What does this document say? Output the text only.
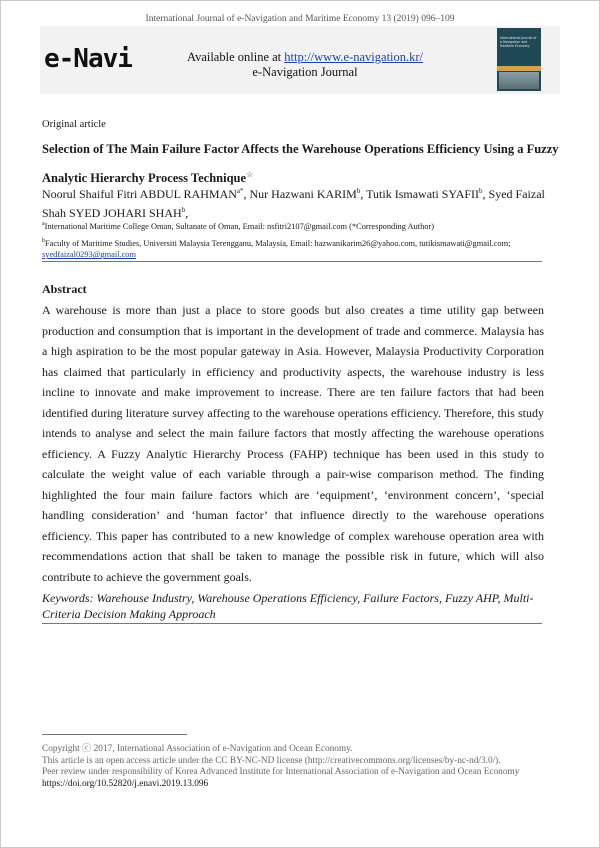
International Journal of e-Navigation and Maritime Economy 13 (2019) 096–109
e-Navi	Available online at http://www.e-navigation.kr/
e-Navigation Journal
International Journal of e-Navigation and Maritime Economy
Original article
Selection of The Main Failure Factor Affects the Warehouse Operations Efficiency Using a Fuzzy Analytic Hierarchy Process Technique☆
Noorul Shaiful Fitri ABDUL $RAHMAN^{a*}$, Nur Hazwani KARIM$^b$, Tutik Ismawati SYAFII$^b$, Syed Faizal Shah SYED JOHARI SHAH$^b$,
$^a$International Maritime College Oman, Sultanate of Oman, Email: nsfitri2107@gmail.com (*Corresponding Author)
$^b$Faculty of Maritime Studies, Universiti Malaysia Terengganu, Malaysia, Email: hazwanikarim26@yahoo.com, tutikismawati@gmail.com; syedfaizal0293@gmail.com
Abstract

A warehouse is more than just a place to store goods but also creates a time utility gap between production and consumption that is important in the development of trade and commerce. Malaysia has a high aspiration to be the most popular gateway in Asia. However, Malaysia Productivity Corporation has claimed that particularly in efficiency and productivity aspects, the warehouse industry is less incline to innovate and make improvement to increase. There are ten failure factors that had been identified during literature survey affecting to the warehouse operations efficiency. Therefore, this study intends to analyse and select the main failure factors that mostly affecting the warehouse operations efficiency. A Fuzzy Analytic Hierarchy Process (FAHP) technique has been used in this study to calculate the weight value of each variable through a pair-wise comparison method. The finding highlighted the four main failure factors which are ‘equipment’, ‘environment concern’, ‘special handling consideration’ and ‘human factor’ that influence directly to the warehouse operations efficiency. This paper has contributed to a new knowledge of complex warehouse operation area with recommendations action that shall be taken to manage the possible risk in future, which will also contribute to achieve the government goals.

Keywords: Warehouse Industry, Warehouse Operations Efficiency, Failure Factors, Fuzzy AHP, Multi-Criteria Decision Making Approach
Copyright ⓒ 2017, International Association of e-Navigation and Ocean Economy.
This article is an open access article under the CC BY-NC-ND license (http://creativecommons.org/licenses/by-nc-nd/3.0/).
Peer review under responsibility of Korea Advanced Institute for International Association of e-Navigation and Ocean Economy
https://doi.org/10.52820/j.enavi.2019.13.096
